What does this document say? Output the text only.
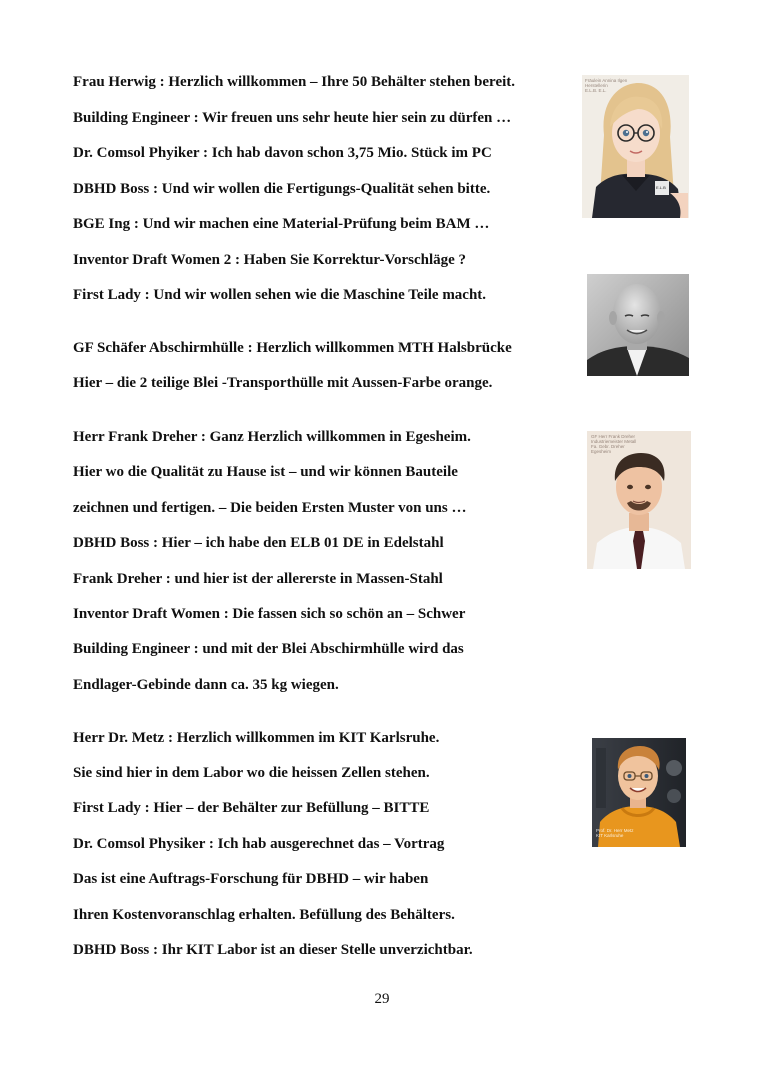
Frau Herwig : Herzlich willkommen – Ihre 50 Behälter stehen bereit.
Building Engineer : Wir freuen uns sehr heute hier sein zu dürfen …
Dr. Comsol Phyiker : Ich hab davon schon 3,75 Mio. Stück im PC
DBHD Boss : Und wir wollen die Fertigungs-Qualität sehen bitte.
BGE Ing : Und wir machen eine Material-Prüfung beim BAM …
Inventor Draft Women 2 : Haben Sie Korrektur-Vorschläge ?
First Lady : Und wir wollen sehen wie die Maschine Teile macht.
GF Schäfer Abschirmhülle : Herzlich willkommen MTH Halsbrücke
Hier – die 2 teilige Blei -Transporthülle mit Aussen-Farbe orange.
Herr Frank Dreher : Ganz Herzlich willkommen in Egesheim.
Hier wo die Qualität zu Hause ist – und wir können Bauteile
zeichnen und fertigen. – Die beiden Ersten Muster von uns …
DBHD Boss : Hier – ich habe den ELB 01 DE in Edelstahl
Frank Dreher : und hier ist der allererste in Massen-Stahl
Inventor Draft Women : Die fassen sich so schön an – Schwer
Building Engineer : und mit der Blei Abschirmhülle wird das
Endlager-Gebinde dann ca. 35 kg wiegen.
Herr Dr. Metz : Herzlich willkommen im KIT Karlsruhe.
Sie sind hier in dem Labor wo die heissen Zellen stehen.
First Lady : Hier – der Behälter zur Befüllung – BITTE
Dr. Comsol Physiker : Ich hab ausgerechnet das – Vortrag
Das ist eine Auftrags-Forschung für DBHD – wir haben
Ihren Kostenvoranschlag erhalten. Befüllung des Behälters.
DBHD Boss : Ihr KIT Labor ist an dieser Stelle unverzichtbar.
29
Fräulein Annina Ilgen
Herstellerin
E.L.B. E.L.
E.L.B
GF Herr Frank Dreher
Industriemeister Metall
Fa. Gebr. Dreher
Egesheim
Prof. Dr. Herr Metz
KIT Karlsruhe
